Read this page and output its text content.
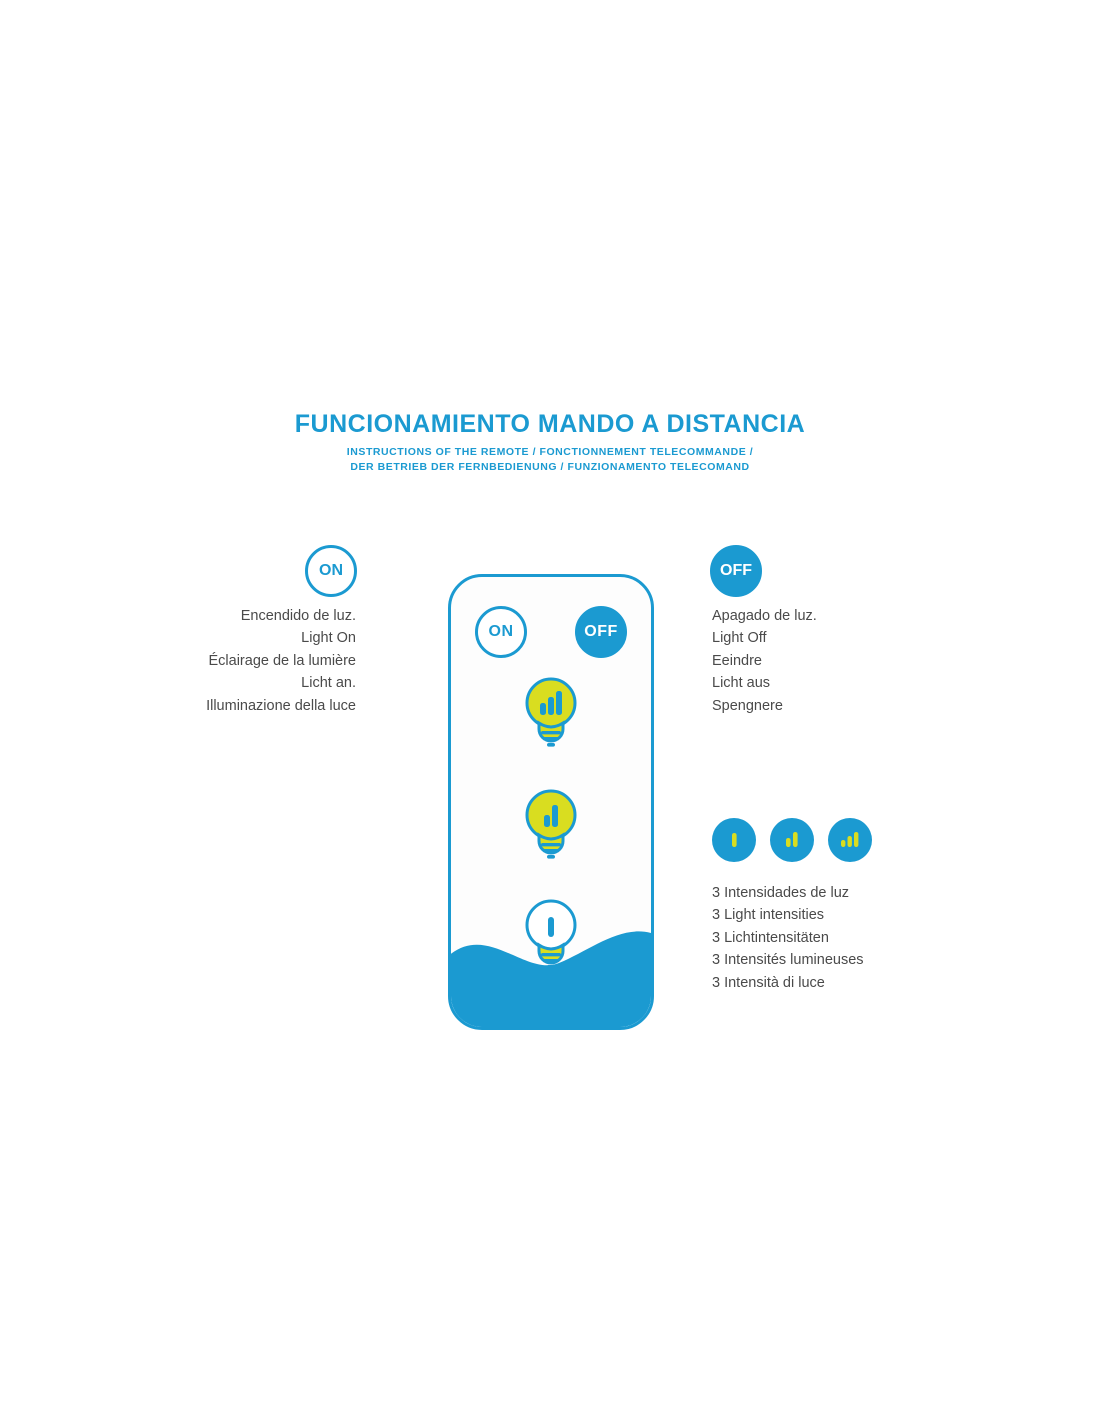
FUNCIONAMIENTO MANDO A DISTANCIA
INSTRUCTIONS OF THE REMOTE / FONCTIONNEMENT TELECOMMANDE /
DER BETRIEB DER FERNBEDIENUNG / FUNZIONAMENTO TELECOMAND
ON
Encendido de luz.
Light On
Éclairage de la lumière
Licht an.
Illuminazione della luce
OFF
Apagado de luz.
Light Off
Eeindre
Licht aus
Spengnere
ON	OFF
3 Intensidades de luz
3 Light intensities
3 Lichtintensitäten
3 Intensités lumineuses
3 Intensità di luce
